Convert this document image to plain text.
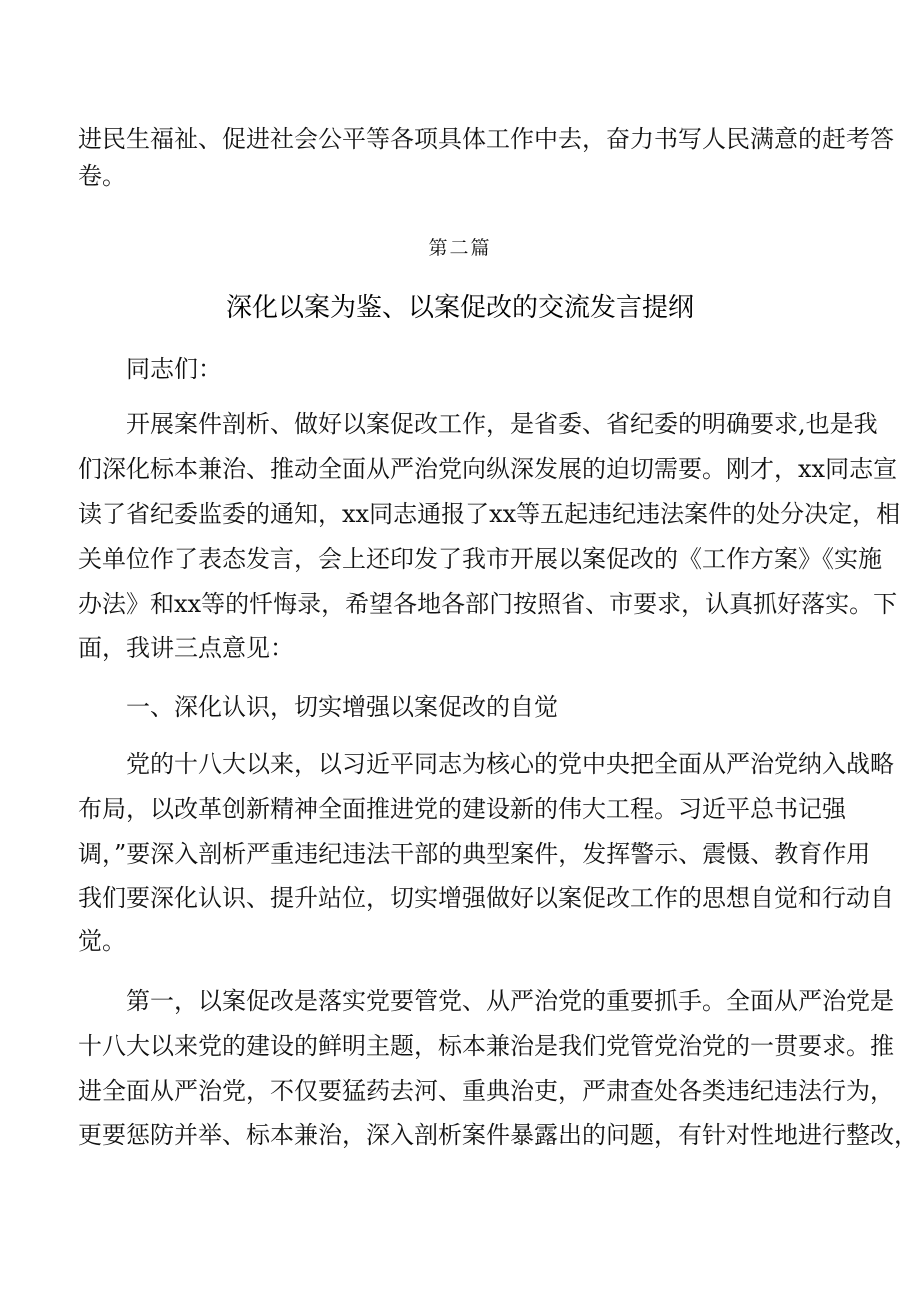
进民生福祉、促进社会公平等各项具体工作中去，奋力书写人民满意的赶考答
卷。
第二篇
深化以案为鉴、以案促改的交流发言提纲
同志们：
开展案件剖析、做好以案促改工作，是省委、省纪委的明确要求,也是我
们深化标本兼治、推动全面从严治党向纵深发展的迫切需要。刚才，xx同志宣
读了省纪委监委的通知，xx同志通报了xx等五起违纪违法案件的处分决定，相
关单位作了表态发言，会上还印发了我市开展以案促改的《工作方案》《实施
办法》和xx等的忏悔录，希望各地各部门按照省、市要求，认真抓好落实。下
面，我讲三点意见：
一、深化认识，切实增强以案促改的自觉
党的十八大以来，以习近平同志为核心的党中央把全面从严治党纳入战略
布局，以改革创新精神全面推进党的建设新的伟大工程。习近平总书记强
调，”要深入剖析严重违纪违法干部的典型案件，发挥警示、震慑、教育作用
我们要深化认识、提升站位，切实增强做好以案促改工作的思想自觉和行动自
觉。
第一，以案促改是落实党要管党、从严治党的重要抓手。全面从严治党是
十八大以来党的建设的鲜明主题，标本兼治是我们党管党治党的一贯要求。推
进全面从严治党，不仅要猛药去河、重典治吏，严肃查处各类违纪违法行为，
更要惩防并举、标本兼治，深入剖析案件暴露出的问题，有针对性地进行整改，
